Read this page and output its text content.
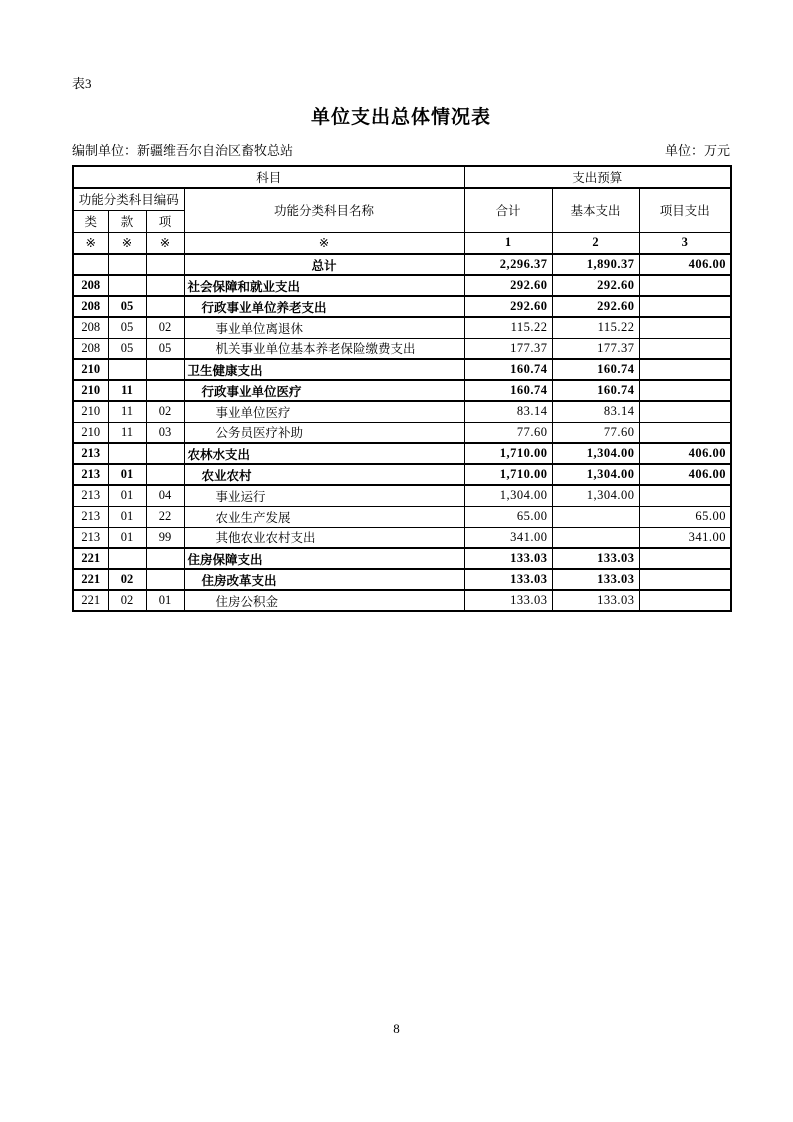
表3
单位支出总体情况表
编制单位：新疆维吾尔自治区畜牧总站	单位：万元
科目				支出预算		
功能分类科目编码			功能分类科目名称	合计	基本支出	项目支出
类	款	项				
※	※	※	※	1	2	3
			总计	2,296.37	1,890.37	406.00
208			社会保障和就业支出	292.60	292.60	
208	05		行政事业单位养老支出	292.60	292.60	
208	05	02	事业单位离退休	115.22	115.22	
208	05	05	机关事业单位基本养老保险缴费支出	177.37	177.37	
210			卫生健康支出	160.74	160.74	
210	11		行政事业单位医疗	160.74	160.74	
210	11	02	事业单位医疗	83.14	83.14	
210	11	03	公务员医疗补助	77.60	77.60	
213			农林水支出	1,710.00	1,304.00	406.00
213	01		农业农村	1,710.00	1,304.00	406.00
213	01	04	事业运行	1,304.00	1,304.00	
213	01	22	农业生产发展	65.00		65.00
213	01	99	其他农业农村支出	341.00		341.00
221			住房保障支出	133.03	133.03	
221	02		住房改革支出	133.03	133.03	
221	02	01	住房公积金	133.03	133.03	
8
